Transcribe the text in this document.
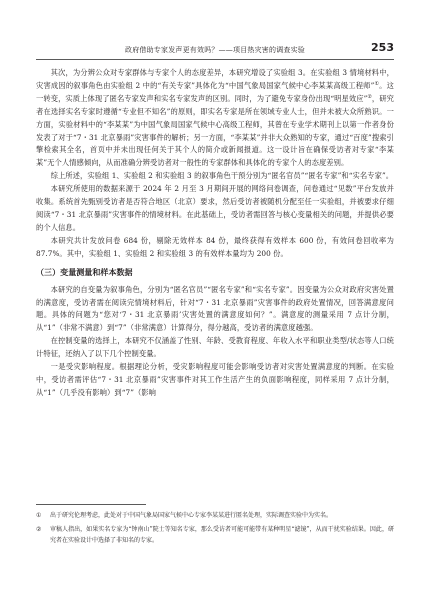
政府借助专家发声更有效吗？——项目热灾害的调查实验	253

其次，为分辨公众对专家群体与专家个人的态度差异，本研究增设了实验组 3。在实验组 3 情境材料中，灾害成因的叙事角色由实验组 2 中的“有关专家”具体化为“中国气象局国家气候中心李某某高级工程师”①。这一转变，实质上体现了匿名专家发声和实名专家发声的区别。同时，为了避免专家身份出现“明星效应”②，研究者在选择实名专家时遵循“专业但不知名”的原则，即实名专家是所在领域专业人士，但并未被大众所熟识。一方面，实验材料中的“李某某”为中国气象局国家气候中心高级工程师，其曾在专业学术期刊上以第一作者身份发表了对于“7・31 北京暴雨”灾害事件的解析；另一方面，“李某某”并非大众熟知的专家，通过“百度”搜索引擎检索其全名，首页中并未出现任何关于其个人的简介或新闻报道。这一设计旨在确保受访者对专家“李某某”无个人情感倾向，从而准确分辨受访者对一般性的专家群体和具体化的专家个人的态度差别。

综上所述，实验组 1、实验组 2 和实验组 3 的叙事角色干预分别为“匿名官员”“匿名专家”和“实名专家”。

本研究所使用的数据来源于 2024 年 2 月至 3 月期间开展的网络问卷调查，问卷通过“见数”平台发放并收集。系统首先甄别受访者是否符合地区（北京）要求，然后受访者被随机分配至任一实验组，并被要求仔细阅读“7・31 北京暴雨”灾害事件的情境材料。在此基础上，受访者需回答与核心变量相关的问题，并提供必要的个人信息。

本研究共计发放问卷 684 份，剔除无效样本 84 份，最终获得有效样本 600 份，有效问卷回收率为 87.7%。其中，实验组 1、实验组 2 和实验组 3 的有效样本量均为 200 份。

（三）变量测量和样本数据

本研究的自变量为叙事角色，分别为“匿名官员”“匿名专家”和“实名专家”。因变量为公众对政府灾害处置的满意度，受访者需在阅读完情境材料后，针对“7・31 北京暴雨”灾害事件的政府处置情况，回答满意度问题。具体的问题为“您对‘7・31 北京暴雨’灾害处置的满意度如何？”。满意度的测量采用 7 点计分制，从“1”（非常不满意）到“7”（非常满意）计算得分，得分越高，受访者的满意度越强。

在控制变量的选择上，本研究不仅涵盖了性别、年龄、受教育程度、年收入水平和职业类型/状态等人口统计特征，还纳入了以下几个控制变量。

一是受灾影响程度。根据理论分析，受灾影响程度可能会影响受访者对灾害处置满意度的判断。在实验中，受访者需评估“7・31 北京暴雨”灾害事件对其工作生活产生的负面影响程度，同样采用 7 点计分制，从“1”（几乎没有影响）到“7”（影响

①	出于研究伦理考虑，此处对于中国气象局国家气候中心专家李某某进行匿名处理，实际调查实验中为实名。
②	审稿人指出，如果实名专家为“钟南山”院士等知名专家，那么受访者可能可能带有某种明星“滤镜”，从而干扰实验结果。因此，研究者在实验设计中选择了非知名的专家。
